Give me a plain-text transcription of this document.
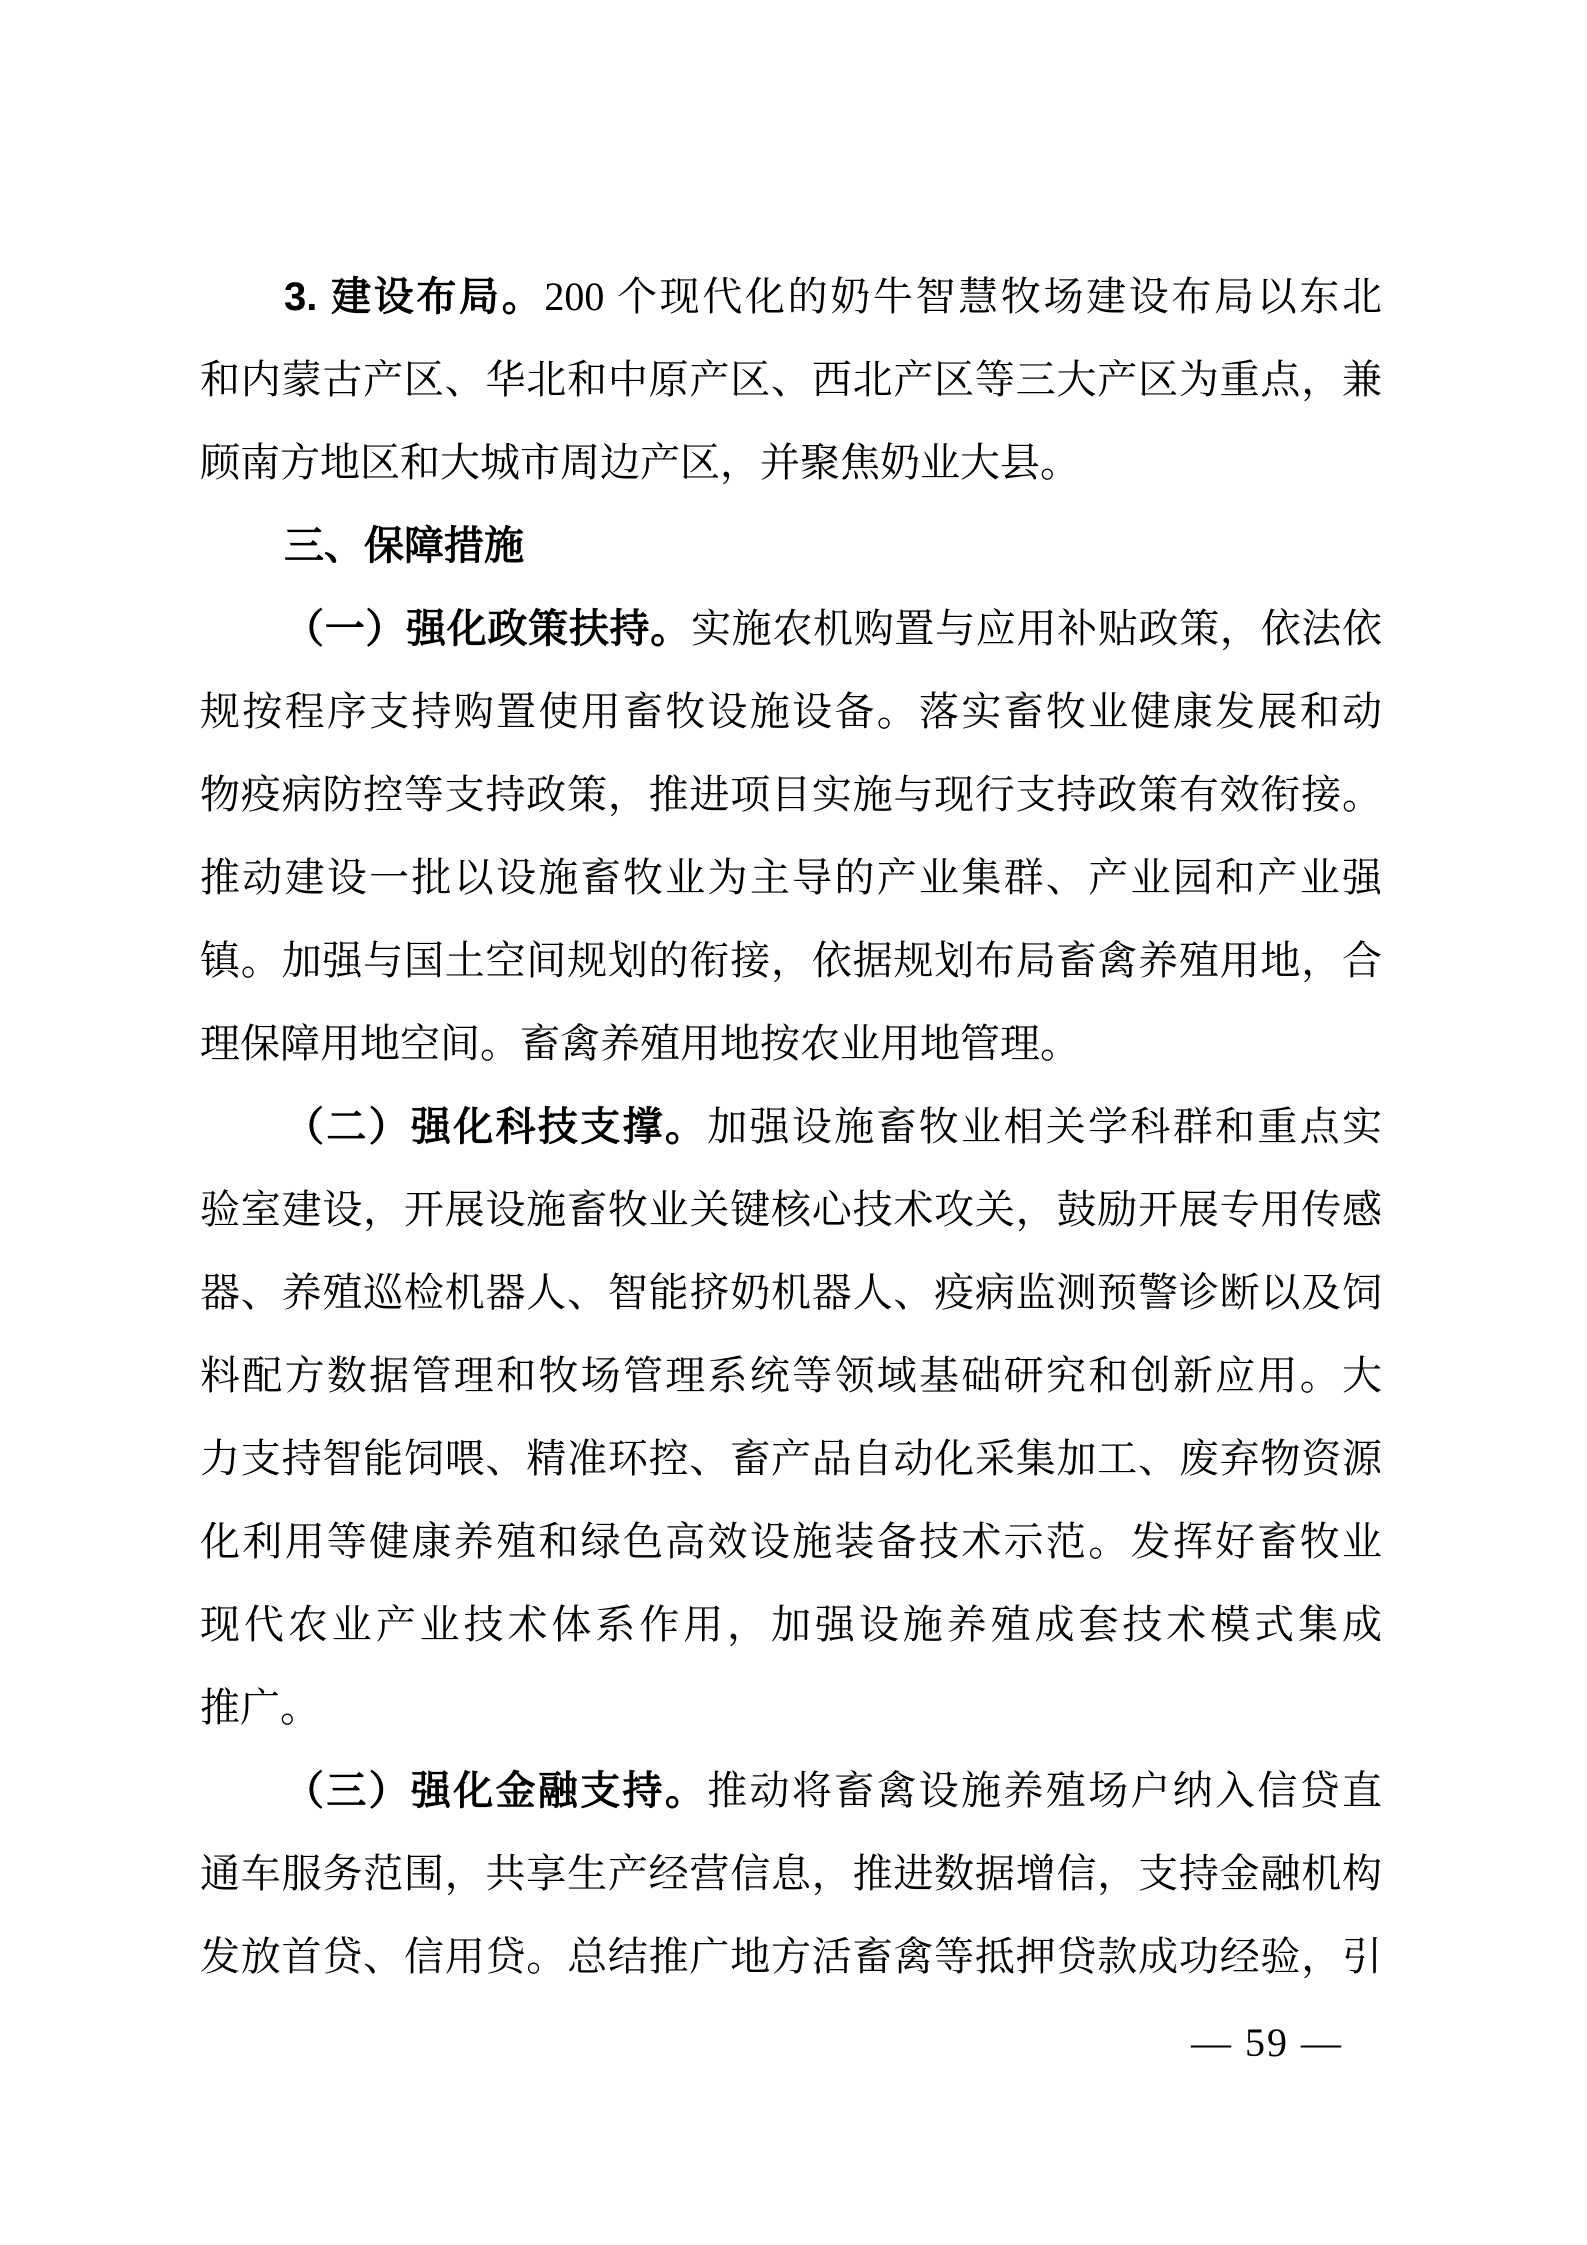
3. 建设布局。200 个现代化的奶牛智慧牧场建设布局以东北
和内蒙古产区、华北和中原产区、西北产区等三大产区为重点，兼
顾南方地区和大城市周边产区，并聚焦奶业大县。
三、保障措施
（一）强化政策扶持。实施农机购置与应用补贴政策，依法依
规按程序支持购置使用畜牧设施设备。落实畜牧业健康发展和动
物疫病防控等支持政策，推进项目实施与现行支持政策有效衔接。
推动建设一批以设施畜牧业为主导的产业集群、产业园和产业强
镇。加强与国土空间规划的衔接，依据规划布局畜禽养殖用地，合
理保障用地空间。畜禽养殖用地按农业用地管理。
（二）强化科技支撑。加强设施畜牧业相关学科群和重点实
验室建设，开展设施畜牧业关键核心技术攻关，鼓励开展专用传感
器、养殖巡检机器人、智能挤奶机器人、疫病监测预警诊断以及饲
料配方数据管理和牧场管理系统等领域基础研究和创新应用。大
力支持智能饲喂、精准环控、畜产品自动化采集加工、废弃物资源
化利用等健康养殖和绿色高效设施装备技术示范。发挥好畜牧业
现代农业产业技术体系作用，加强设施养殖成套技术模式集成
推广。
（三）强化金融支持。推动将畜禽设施养殖场户纳入信贷直
通车服务范围，共享生产经营信息，推进数据增信，支持金融机构
发放首贷、信用贷。总结推广地方活畜禽等抵押贷款成功经验，引
— 59 —
